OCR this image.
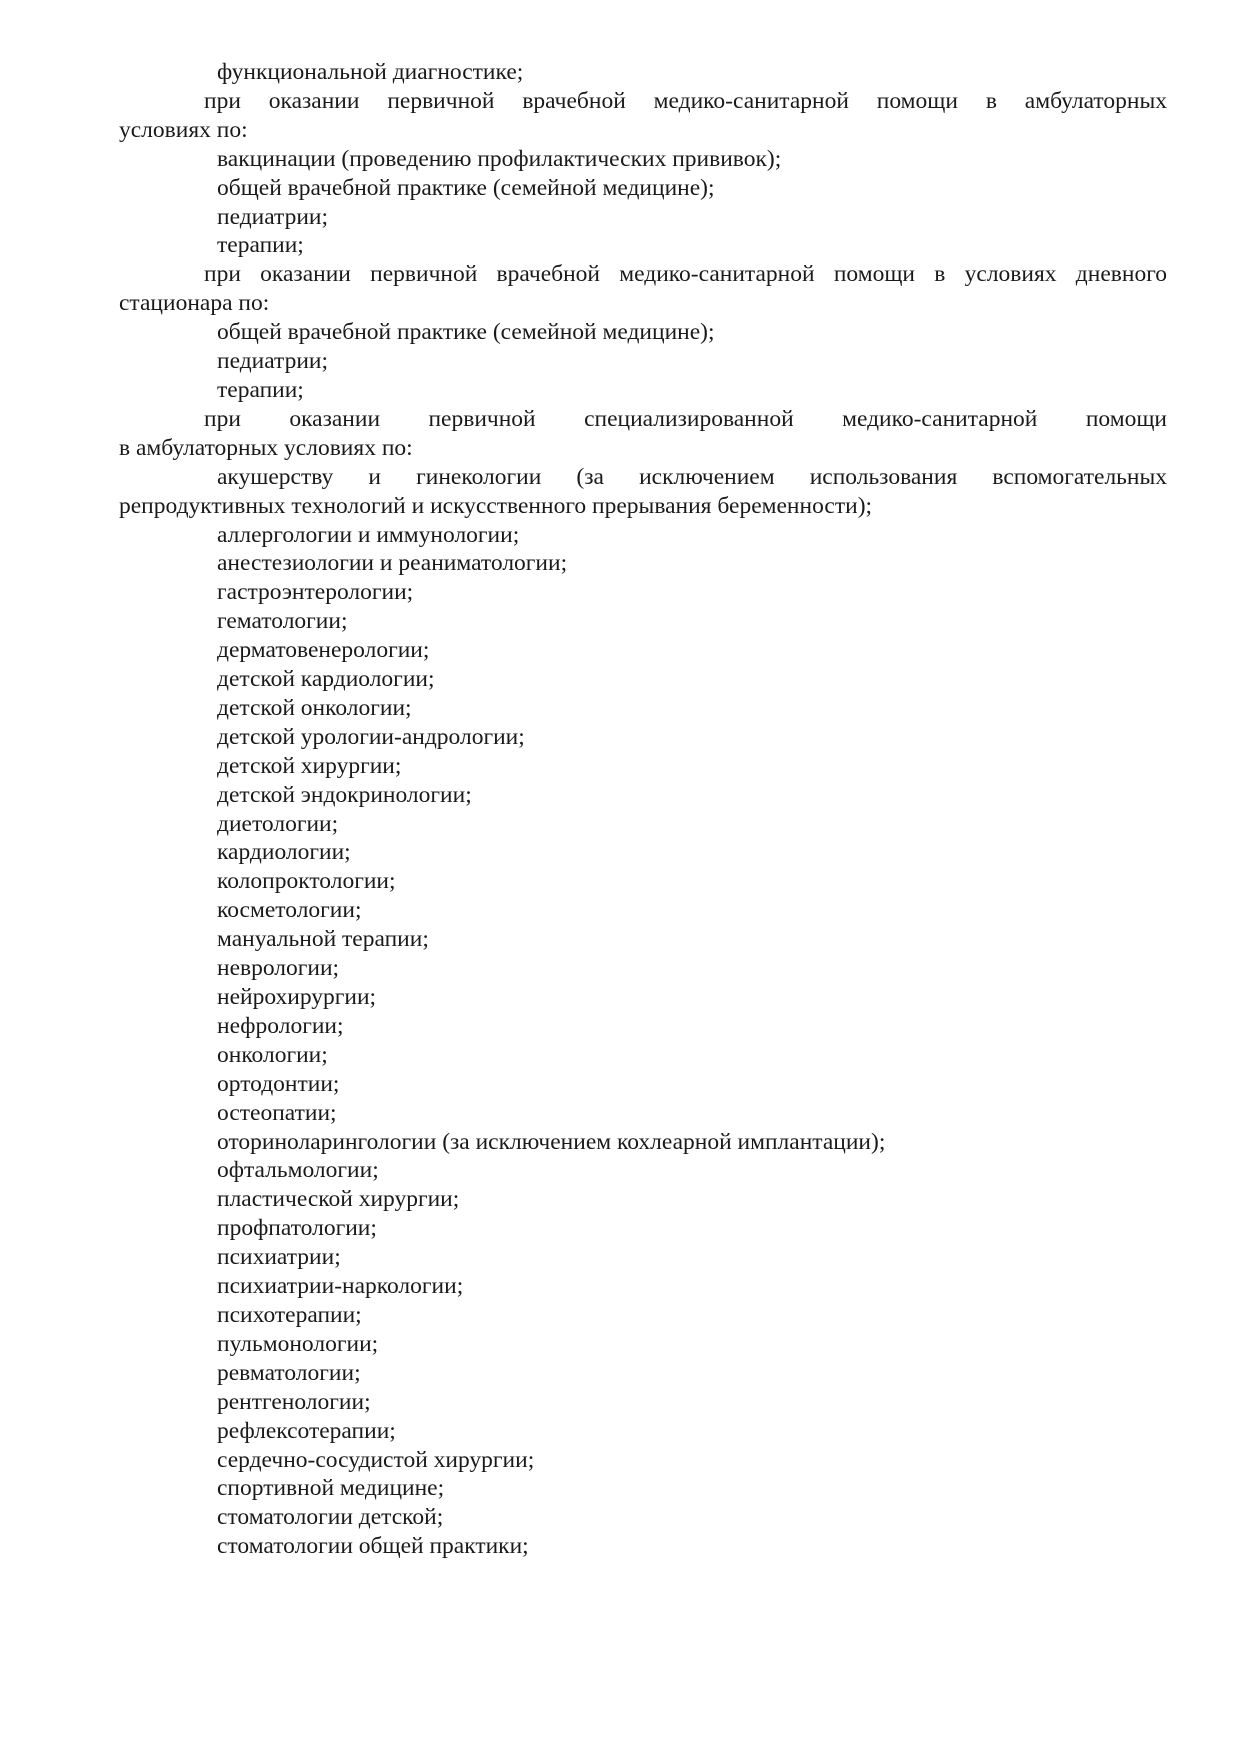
функциональной диагностике;
при оказании первичной врачебной медико-санитарной помощи в амбулаторных
условиях по:
вакцинации (проведению профилактических прививок);
общей врачебной практике (семейной медицине);
педиатрии;
терапии;
при оказании первичной врачебной медико-санитарной помощи в условиях дневного
стационара по:
общей врачебной практике (семейной медицине);
педиатрии;
терапии;
при оказании первичной специализированной медико-санитарной помощи
в амбулаторных условиях по:
акушерству и гинекологии (за исключением использования вспомогательных
репродуктивных технологий и искусственного прерывания беременности);
аллергологии и иммунологии;
анестезиологии и реаниматологии;
гастроэнтерологии;
гематологии;
дерматовенерологии;
детской кардиологии;
детской онкологии;
детской урологии-андрологии;
детской хирургии;
детской эндокринологии;
диетологии;
кардиологии;
колопроктологии;
косметологии;
мануальной терапии;
неврологии;
нейрохирургии;
нефрологии;
онкологии;
ортодонтии;
остеопатии;
оториноларингологии (за исключением кохлеарной имплантации);
офтальмологии;
пластической хирургии;
профпатологии;
психиатрии;
психиатрии-наркологии;
психотерапии;
пульмонологии;
ревматологии;
рентгенологии;
рефлексотерапии;
сердечно-сосудистой хирургии;
спортивной медицине;
стоматологии детской;
стоматологии общей практики;
